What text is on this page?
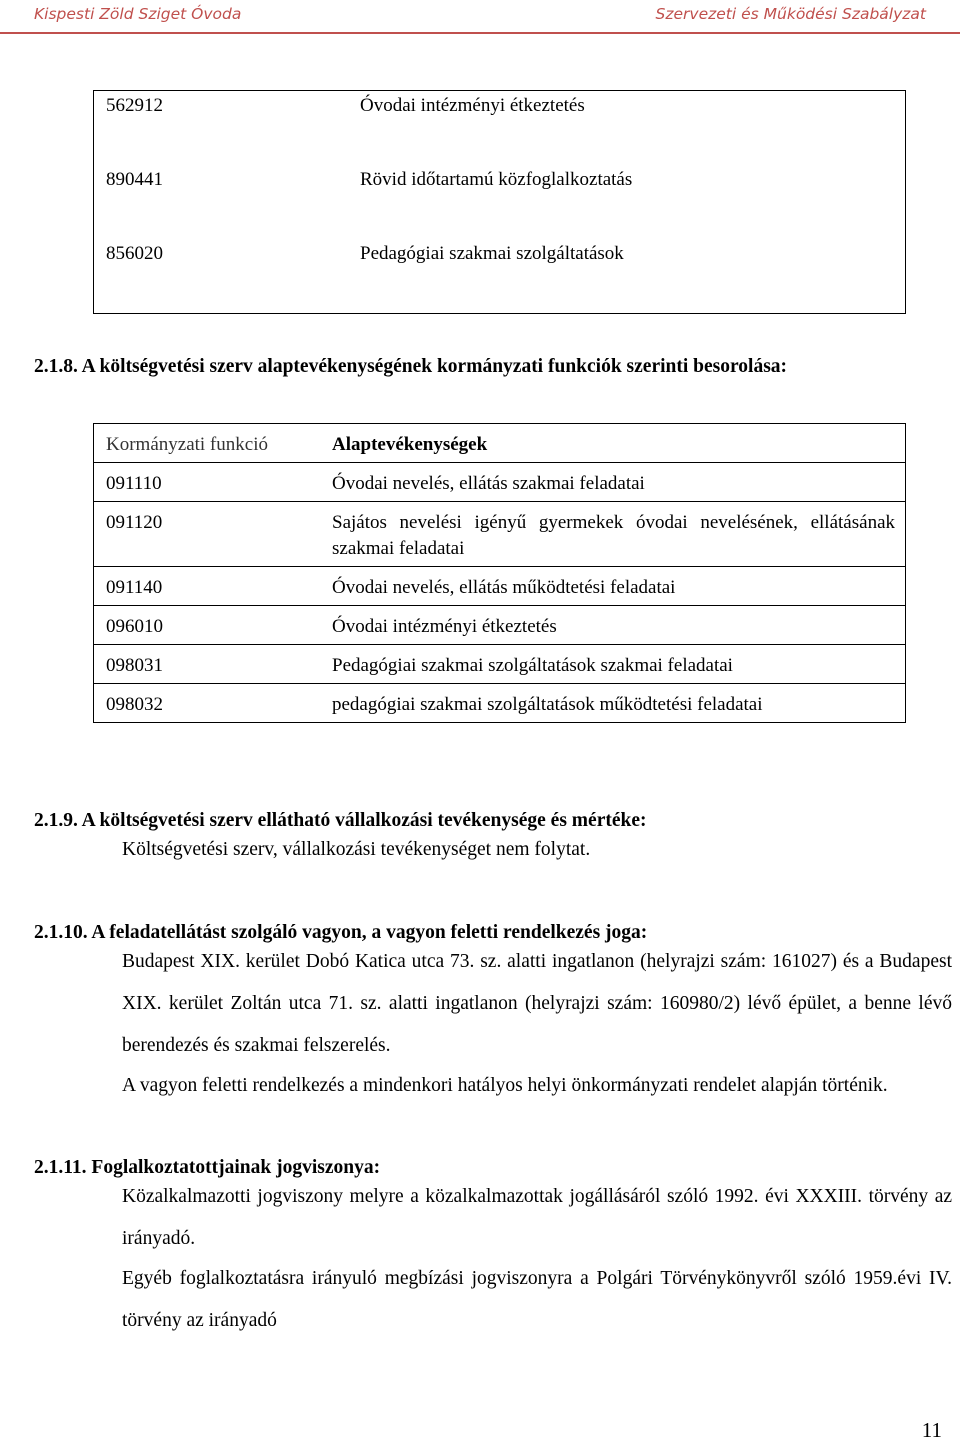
Kispesti Zöld Sziget Óvoda	Szervezeti és Működési Szabályzat
562912	Óvodai intézményi étkeztetés
890441	Rövid időtartamú közfoglalkoztatás
856020	Pedagógiai szakmai szolgáltatások
2.1.8. A költségvetési szerv alaptevékenységének kormányzati funkciók szerinti besorolása:
Kormányzati funkció	Alaptevékenységek
091110	Óvodai nevelés, ellátás szakmai feladatai
091120	Sajátos nevelési igényű gyermekek óvodai nevelésének, ellátásának szakmai feladatai
091140	Óvodai nevelés, ellátás működtetési feladatai
096010	Óvodai intézményi étkeztetés
098031	Pedagógiai szakmai szolgáltatások szakmai feladatai
098032	pedagógiai szakmai szolgáltatások működtetési feladatai
2.1.9. A költségvetési szerv ellátható vállalkozási tevékenysége és mértéke:
Költségvetési szerv, vállalkozási tevékenységet nem folytat.
2.1.10. A feladatellátást szolgáló vagyon, a vagyon feletti rendelkezés joga:
Budapest XIX. kerület Dobó Katica utca 73. sz. alatti ingatlanon (helyrajzi szám: 161027) és a Budapest XIX. kerület Zoltán utca 71. sz. alatti ingatlanon (helyrajzi szám: 160980/2) lévő épület, a benne lévő berendezés és szakmai felszerelés.
A vagyon feletti rendelkezés a mindenkori hatályos helyi önkormányzati rendelet alapján történik.
2.1.11. Foglalkoztatottjainak jogviszonya:
Közalkalmazotti jogviszony melyre a közalkalmazottak jogállásáról szóló 1992. évi XXXIII. törvény az irányadó.
Egyéb foglalkoztatásra irányuló megbízási jogviszonyra a Polgári Törvénykönyvről szóló 1959.évi IV. törvény az irányadó
11
